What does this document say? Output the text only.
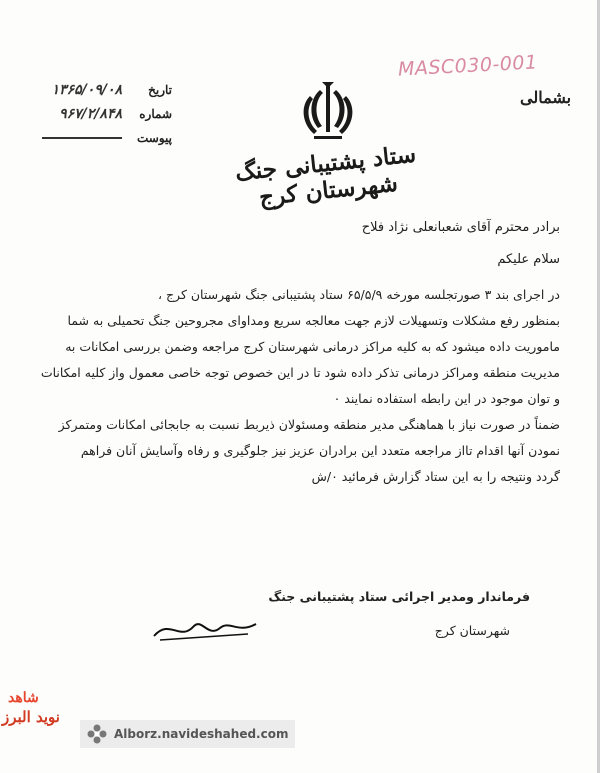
MASC030-001
بشمالی
تاریخ
۱۳۶۵/۰۹/۰۸
شماره
۹۶۷/۲/۸۴۸
پیوست
ستاد پشتیبانی جنگ شهرستان کرج

برادر محترم آقای شعبانعلی نژاد فلاح

سلام علیکم

در اجرای بند ۳ صورتجلسه مورخه ۶۵/۵/۹ ستاد پشتیبانی جنگ شهرستان کرج ،
بمنظور رفع مشکلات وتسهیلات لازم جهت معالجه سریع ومداوای مجروحین جنگ تحمیلی به شما
ماموریت داده میشود که به کلیه مراکز درمانی شهرستان کرج مراجعه وضمن بررسی امکانات به
مدیریت منطقه ومراکز درمانی تذکر داده شود تا در این خصوص توجه خاصی معمول واز کلیه امکانات
و توان موجود در این رابطه استفاده نمایند ۰
ضمناً در صورت نیاز با هماهنگی مدیر منطقه ومسئولان ذیربط نسبت به جابجائی امکانات ومتمرکز
نمودن آنها اقدام تااز مراجعه متعدد این برادران عزیز نیز جلوگیری و رفاه وآسایش آنان فراهم
گردد ونتیجه را به این ستاد گزارش فرمائید ۰/ش
فرماندار ومدیر اجرائی ستاد پشتیبانی جنگ
شهرستان کرج
شاهد
نوید البرز
Alborz.navideshahed.com
